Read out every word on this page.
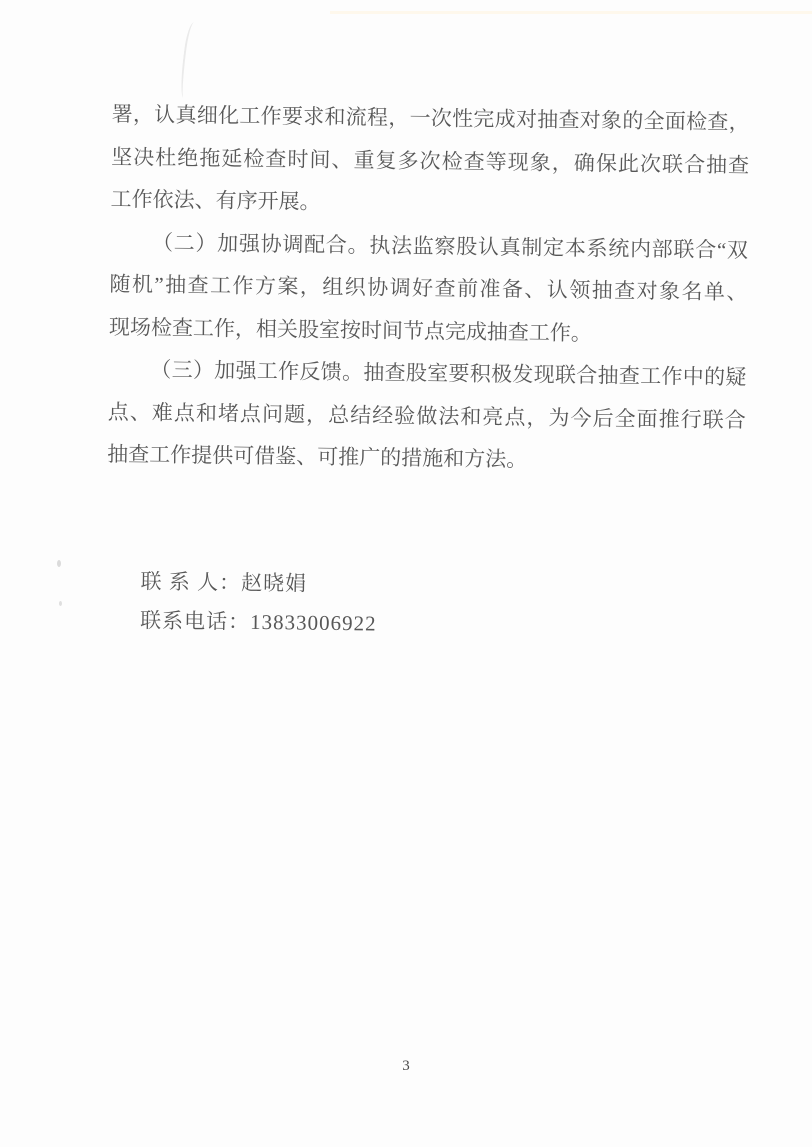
署，认真细化工作要求和流程，一次性完成对抽查对象的全面检查，
坚决杜绝拖延检查时间、重复多次检查等现象，确保此次联合抽查
工作依法、有序开展。
（二）加强协调配合。执法监察股认真制定本系统内部联合“双
随机”抽查工作方案，组织协调好查前准备、认领抽查对象名单、
现场检查工作，相关股室按时间节点完成抽查工作。
（三）加强工作反馈。抽查股室要积极发现联合抽查工作中的疑
点、难点和堵点问题，总结经验做法和亮点，为今后全面推行联合
抽查工作提供可借鉴、可推广的措施和方法。
联 系 人：赵晓娟
联系电话：13833006922
3
